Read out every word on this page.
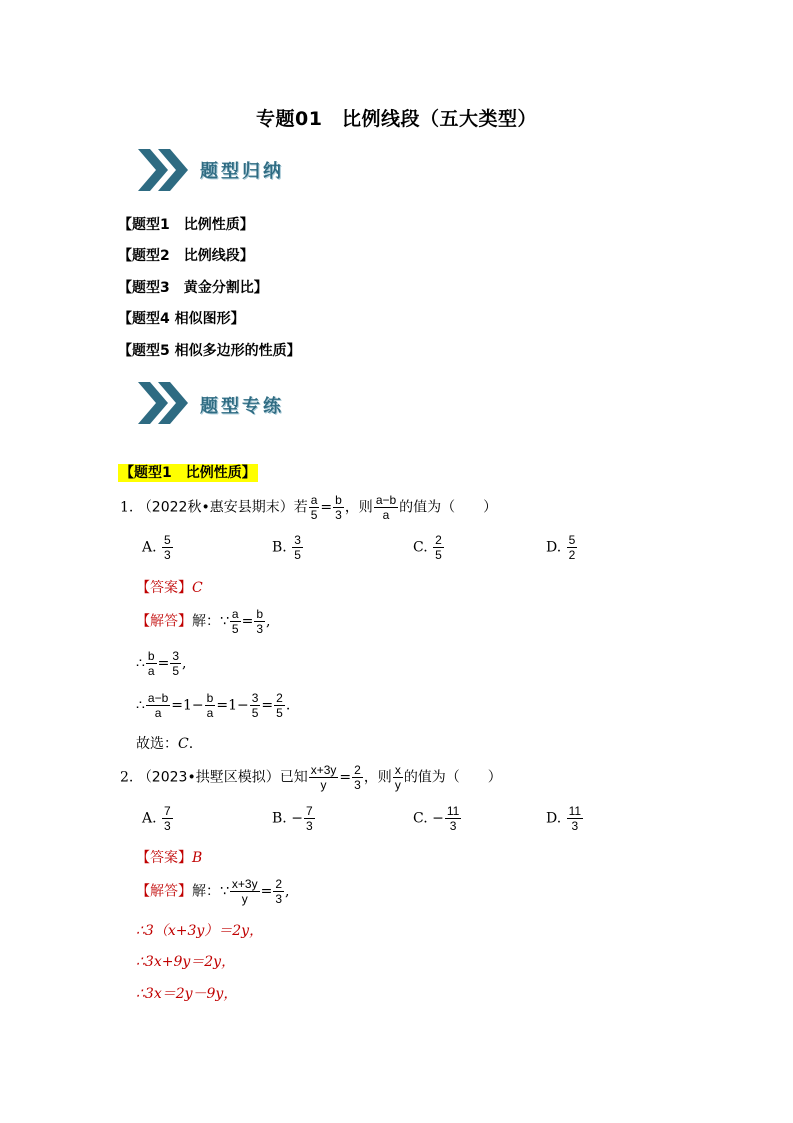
专题01　比例线段（五大类型）
题型归纳
【题型1　比例性质】
【题型2　比例线段】
【题型3　黄金分割比】
【题型4 相似图形】
【题型5 相似多边形的性质】
题型专练
【题型1　比例性质】
1. （2022秋•惠安县期末）若 $\frac{a}{5} = \frac{b}{3}$ ，则 $\frac{a-b}{a}$ 的值为（　　）
A. $\frac{5}{3}$	B. $\frac{3}{5}$	C. $\frac{2}{5}$	D. $\frac{5}{2}$
【答案】C
【解答】解：∵ $\frac{a}{5} = \frac{b}{3}$ ,
∴ $\frac{b}{a} = \frac{3}{5}$ ,
∴ $\frac{a-b}{a} =1- \frac{b}{a} =1- \frac{3}{5} = \frac{2}{5}$ .
故选：C.
2. （2023•拱墅区模拟）已知 $\frac{x+3y}{y} = \frac{2}{3}$ ，则 $\frac{x}{y}$ 的值为（　　）
A. $\frac{7}{3}$	B. − $\frac{7}{3}$	C. − $\frac{11}{3}$	D. $\frac{11}{3}$
【答案】B
【解答】解：∵ $\frac{x+3y}{y} = \frac{2}{3}$ ,
∴3（x+3y）＝2y，
∴3x+9y＝2y，
∴3x＝2y－9y，
